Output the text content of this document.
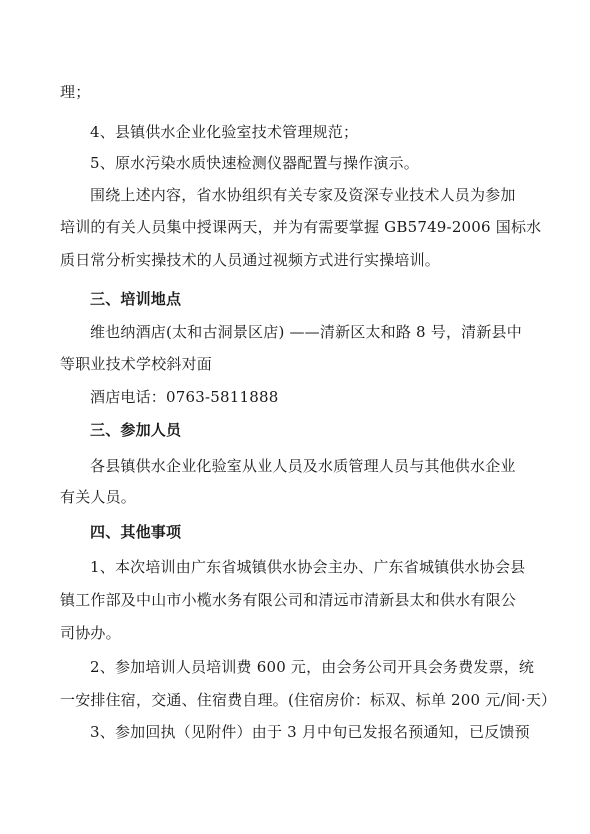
理；
4、县镇供水企业化验室技术管理规范；
5、原水污染水质快速检测仪器配置与操作演示。
围绕上述内容，省水协组织有关专家及资深专业技术人员为参加
培训的有关人员集中授课两天，并为有需要掌握 GB5749-2006 国标水
质日常分析实操技术的人员通过视频方式进行实操培训。
三、培训地点
维也纳酒店(太和古洞景区店) ——清新区太和路 8 号，清新县中
等职业技术学校斜对面
酒店电话：0763-5811888
三、参加人员
各县镇供水企业化验室从业人员及水质管理人员与其他供水企业
有关人员。
四、其他事项
1、本次培训由广东省城镇供水协会主办、广东省城镇供水协会县
镇工作部及中山市小榄水务有限公司和清远市清新县太和供水有限公
司协办。
2、参加培训人员培训费 600 元，由会务公司开具会务费发票，统
一安排住宿，交通、住宿费自理。(住宿房价：标双、标单 200 元/间·天）
3、参加回执（见附件）由于 3 月中旬已发报名预通知，已反馈预
